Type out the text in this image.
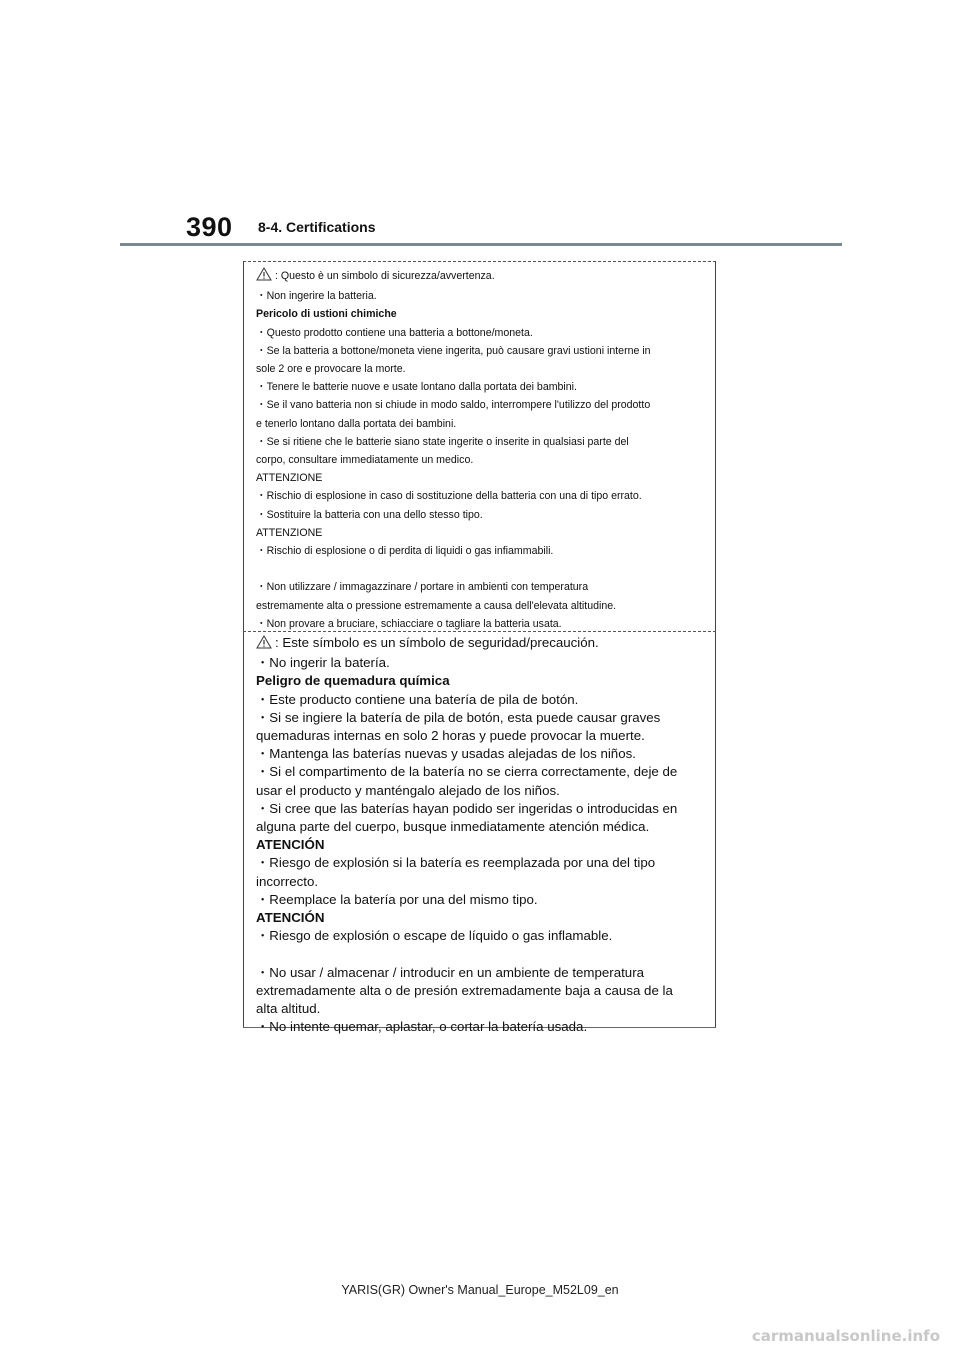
390 8-4. Certifications
: Questo è un simbolo di sicurezza/avvertenza.
・Non ingerire la batteria.
Pericolo di ustioni chimiche
・Questo prodotto contiene una batteria a bottone/moneta.
・Se la batteria a bottone/moneta viene ingerita, può causare gravi ustioni interne in
sole 2 ore e provocare la morte.
・Tenere le batterie nuove e usate lontano dalla portata dei bambini.
・Se il vano batteria non si chiude in modo saldo, interrompere l'utilizzo del prodotto
e tenerlo lontano dalla portata dei bambini.
・Se si ritiene che le batterie siano state ingerite o inserite in qualsiasi parte del
corpo, consultare immediatamente un medico.
ATTENZIONE
・Rischio di esplosione in caso di sostituzione della batteria con una di tipo errato.
・Sostituire la batteria con una dello stesso tipo.
ATTENZIONE
・Rischio di esplosione o di perdita di liquidi o gas infiammabili.
・Non utilizzare / immagazzinare / portare in ambienti con temperatura
estremamente alta o pressione estremamente a causa dell'elevata altitudine.
・Non provare a bruciare, schiacciare o tagliare la batteria usata.
: Este símbolo es un símbolo de seguridad/precaución.
・No ingerir la batería.
Peligro de quemadura química
・Este producto contiene una batería de pila de botón.
・Si se ingiere la batería de pila de botón, esta puede causar graves
quemaduras internas en solo 2 horas y puede provocar la muerte.
・Mantenga las baterías nuevas y usadas alejadas de los niños.
・Si el compartimento de la batería no se cierra correctamente, deje de
usar el producto y manténgalo alejado de los niños.
・Si cree que las baterías hayan podido ser ingeridas o introducidas en
alguna parte del cuerpo, busque inmediatamente atención médica.
ATENCIÓN
・Riesgo de explosión si la batería es reemplazada por una del tipo
incorrecto.
・Reemplace la batería por una del mismo tipo.
ATENCIÓN
・Riesgo de explosión o escape de líquido o gas inflamable.
・No usar / almacenar / introducir en un ambiente de temperatura
extremadamente alta o de presión extremadamente baja a causa de la
alta altitud.
・No intente quemar, aplastar, o cortar la batería usada.
YARIS(GR) Owner's Manual_Europe_M52L09_en
carmanualsonline.info
